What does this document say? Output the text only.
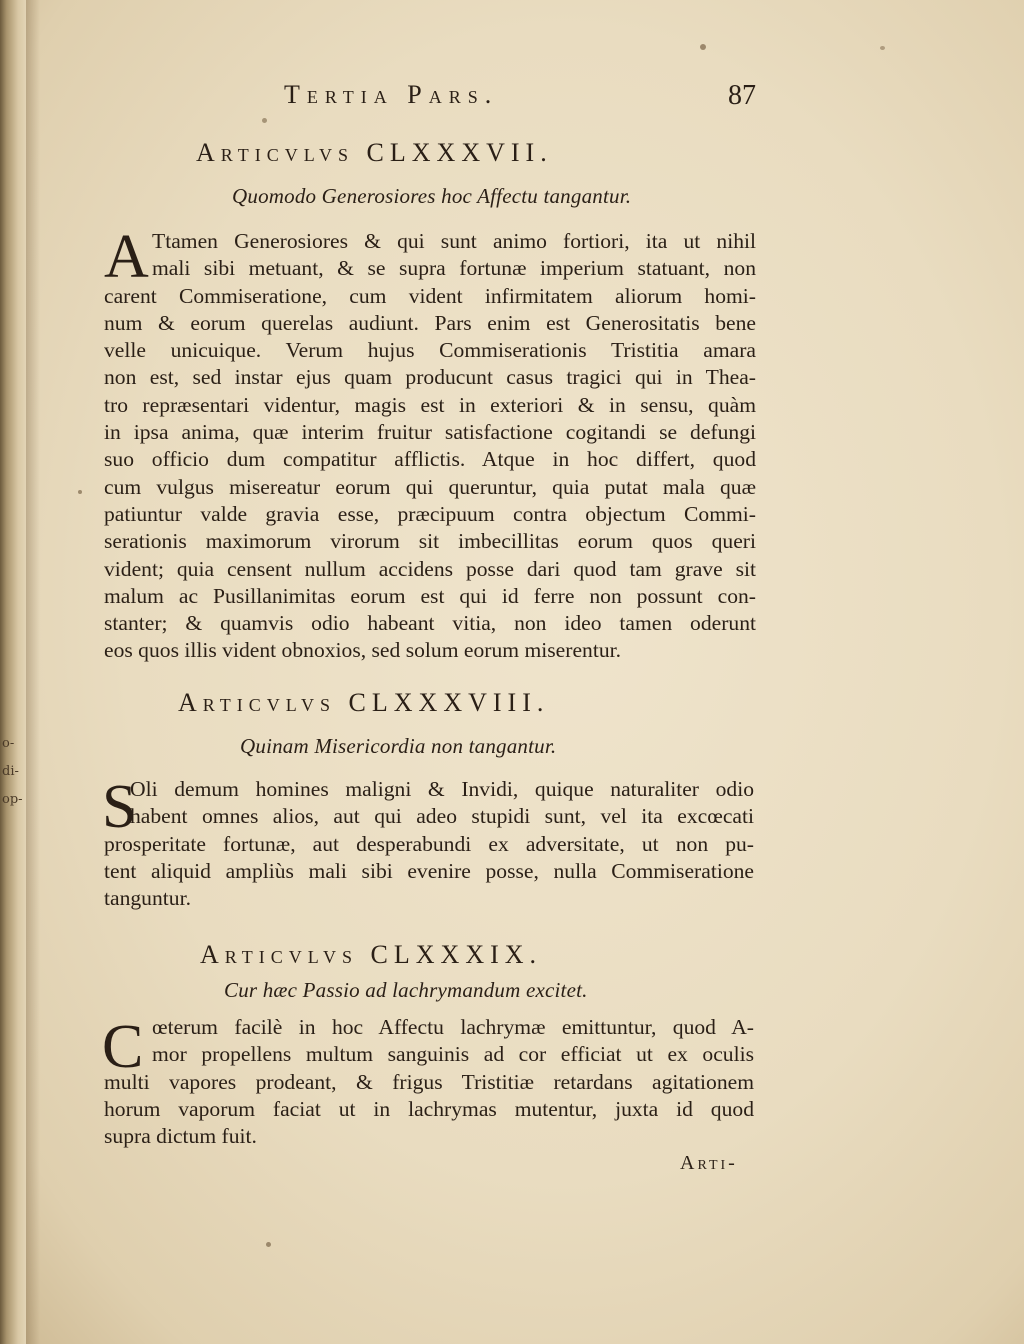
o-
di-
op-
Tertia Pars.	87
Articvlvs CLXXXVII.
Quomodo Generosiores hoc Affectu tangantur.
A Ttamen Generosiores & qui sunt animo fortiori, ita ut nihil
mali sibi metuant, & se supra fortunæ imperium statuant, non
carent Commiseratione, cum vident infirmitatem aliorum homi-
num & eorum querelas audiunt. Pars enim est Generositatis bene
velle unicuique. Verum hujus Commiserationis Tristitia amara
non est, sed instar ejus quam producunt casus tragici qui in Thea-
tro repræsentari videntur, magis est in exteriori & in sensu, quàm
in ipsa anima, quæ interim fruitur satisfactione cogitandi se defungi
suo officio dum compatitur afflictis. Atque in hoc differt, quod
cum vulgus misereatur eorum qui queruntur, quia putat mala quæ
patiuntur valde gravia esse, præcipuum contra objectum Commi-
serationis maximorum virorum sit imbecillitas eorum quos queri
vident; quia censent nullum accidens posse dari quod tam grave sit
malum ac Pusillanimitas eorum est qui id ferre non possunt con-
stanter; & quamvis odio habeant vitia, non ideo tamen oderunt
eos quos illis vident obnoxios, sed solum eorum miserentur.
Articvlvs CLXXXVIII.
Quinam Misericordia non tangantur.
S
Oli demum homines maligni & Invidi, quique naturaliter odio
habent omnes alios, aut qui adeo stupidi sunt, vel ita excœcati
prosperitate fortunæ, aut desperabundi ex adversitate, ut non pu-
tent aliquid ampliùs mali sibi evenire posse, nulla Commiseratione
tanguntur.
Articvlvs CLXXXIX.
Cur hæc Passio ad lachrymandum excitet.
C œterum facilè in hoc Affectu lachrymæ emittuntur, quod A-
mor propellens multum sanguinis ad cor efficiat ut ex oculis
multi vapores prodeant, & frigus Tristitiæ retardans agitationem
horum vaporum faciat ut in lachrymas mutentur, juxta id quod
supra dictum fuit.
Arti-
